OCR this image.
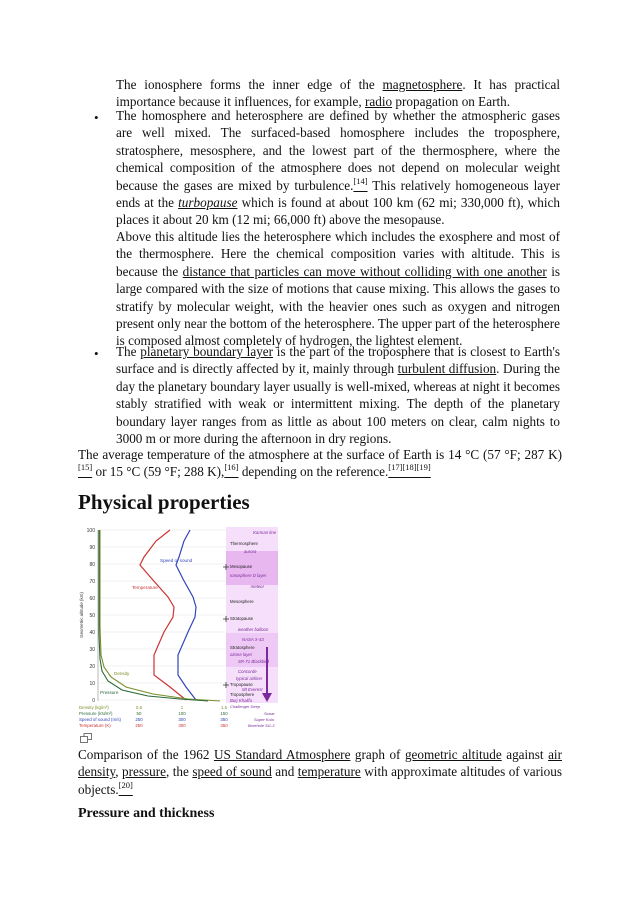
The ionosphere forms the inner edge of the magnetosphere. It has practical importance because it influences, for example, radio propagation on Earth.

• The homosphere and heterosphere are defined by whether the atmospheric gases are well mixed. The surfaced-based homosphere includes the troposphere, stratosphere, mesosphere, and the lowest part of the thermosphere, where the chemical composition of the atmosphere does not depend on molecular weight because the gases are mixed by turbulence.[14] This relatively homogeneous layer ends at the turbopause which is found at about 100 km (62 mi; 330,000 ft), which places it about 20 km (12 mi; 66,000 ft) above the mesopause.

Above this altitude lies the heterosphere which includes the exosphere and most of the thermosphere. Here the chemical composition varies with altitude. This is because the distance that particles can move without colliding with one another is large compared with the size of motions that cause mixing. This allows the gases to stratify by molecular weight, with the heavier ones such as oxygen and nitrogen present only near the bottom of the heterosphere. The upper part of the heterosphere is composed almost completely of hydrogen, the lightest element.

• The planetary boundary layer is the part of the troposphere that is closest to Earth's surface and is directly affected by it, mainly through turbulent diffusion. During the day the planetary boundary layer usually is well-mixed, whereas at night it becomes stably stratified with weak or intermittent mixing. The depth of the planetary boundary layer ranges from as little as about 100 meters on clear, calm nights to 3000 m or more during the afternoon in dry regions.

The average temperature of the atmosphere at the surface of Earth is 14 °C (57 °F; 287 K)[15] or 15 °C (59 °F; 288 K),[16] depending on the reference.[17][18][19]

Physical properties
Geometric altitude (km)
100
90
80
70
60
50
40
30
20
10
0
Speed of sound
Temperature
Density
Pressure
Karman line
Thermosphere
aurora
Mesopause
Ionosphere D layer
meteor
Mesosphere
Stratopause
weather balloon
NASA X-43
Stratosphere
ozone layer
SR-71 Blackbird
Concorde
typical airliner
Tropopause
Mt Everest
Troposphere
Burj Khalifa
Density (kg/m³)	0.5	1	1.5
Pressure (kN/m²)	50	100	150
Speed of sound (m/s)	250	300	350
Temperature (K)	250	300	350
Challenger Deep
Sonar
Super Kola
Borehole SG-3

Comparison of the 1962 US Standard Atmosphere graph of geometric altitude against air density, pressure, the speed of sound and temperature with approximate altitudes of various objects.[20]

Pressure and thickness
